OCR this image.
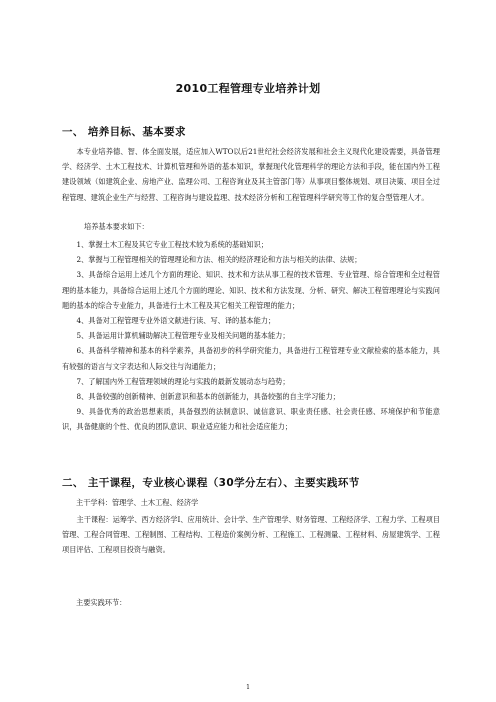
2010工程管理专业培养计划
一、 培养目标、基本要求

本专业培养德、智、体全面发展，适应加入WTO以后21世纪社会经济发展和社会主义现代化建设需要，具备管理学、经济学、土木工程技术、计算机管理和外语的基本知识，掌握现代化管理科学的理论方法和手段，能在国内外工程建设领域（如建筑企业、房地产业、监理公司、工程咨询业及其主管部门等）从事项目整体规划、项目决策、项目全过程管理、建筑企业生产与经营、工程咨询与建设监理、技术经济分析和工程管理科学研究等工作的复合型管理人才。

培养基本要求如下：
1、掌握土木工程及其它专业工程技术较为系统的基础知识；
2、掌握与工程管理相关的管理理论和方法、相关的经济理论和方法与相关的法律、法规；
3、具备综合运用上述几个方面的理论、知识、技术和方法从事工程的技术管理、专业管理、综合管理和全过程管理的基本能力，具备综合运用上述几个方面的理论、知识、技术和方法发现、分析、研究、解决工程管理理论与实践问题的基本的综合专业能力，具备进行土木工程及其它相关工程管理的能力；
4、具备对工程管理专业外语文献进行读、写、译的基本能力；
5、具备运用计算机辅助解决工程管理专业及相关问题的基本能力；
6、具备科学精神和基本的科学素养，具备初步的科学研究能力，具备进行工程管理专业文献检索的基本能力，具有较强的语言与文字表达和人际交往与沟通能力；
7、了解国内外工程管理领域的理论与实践的最新发展动态与趋势；
8、具备较强的创新精神、创新意识和基本的创新能力，具备较强的自主学习能力；
9、具备优秀的政治思想素质，具备强烈的法制意识、诚信意识、职业责任感、社会责任感、环境保护和节能意识，具备健康的个性、优良的团队意识、职业适应能力和社会适应能力；
二、 主干课程，专业核心课程（30学分左右）、主要实践环节
主干学科：管理学、土木工程、经济学

主干课程：运筹学、西方经济学Ⅰ、应用统计、会计学、生产管理学、财务管理、工程经济学、工程力学、工程项目管理、工程合同管理、工程制图、工程结构、工程造价案例分析、工程施工、工程测量、工程材料、房屋建筑学、工程项目评估、工程项目投资与融资。

主要实践环节：
1
